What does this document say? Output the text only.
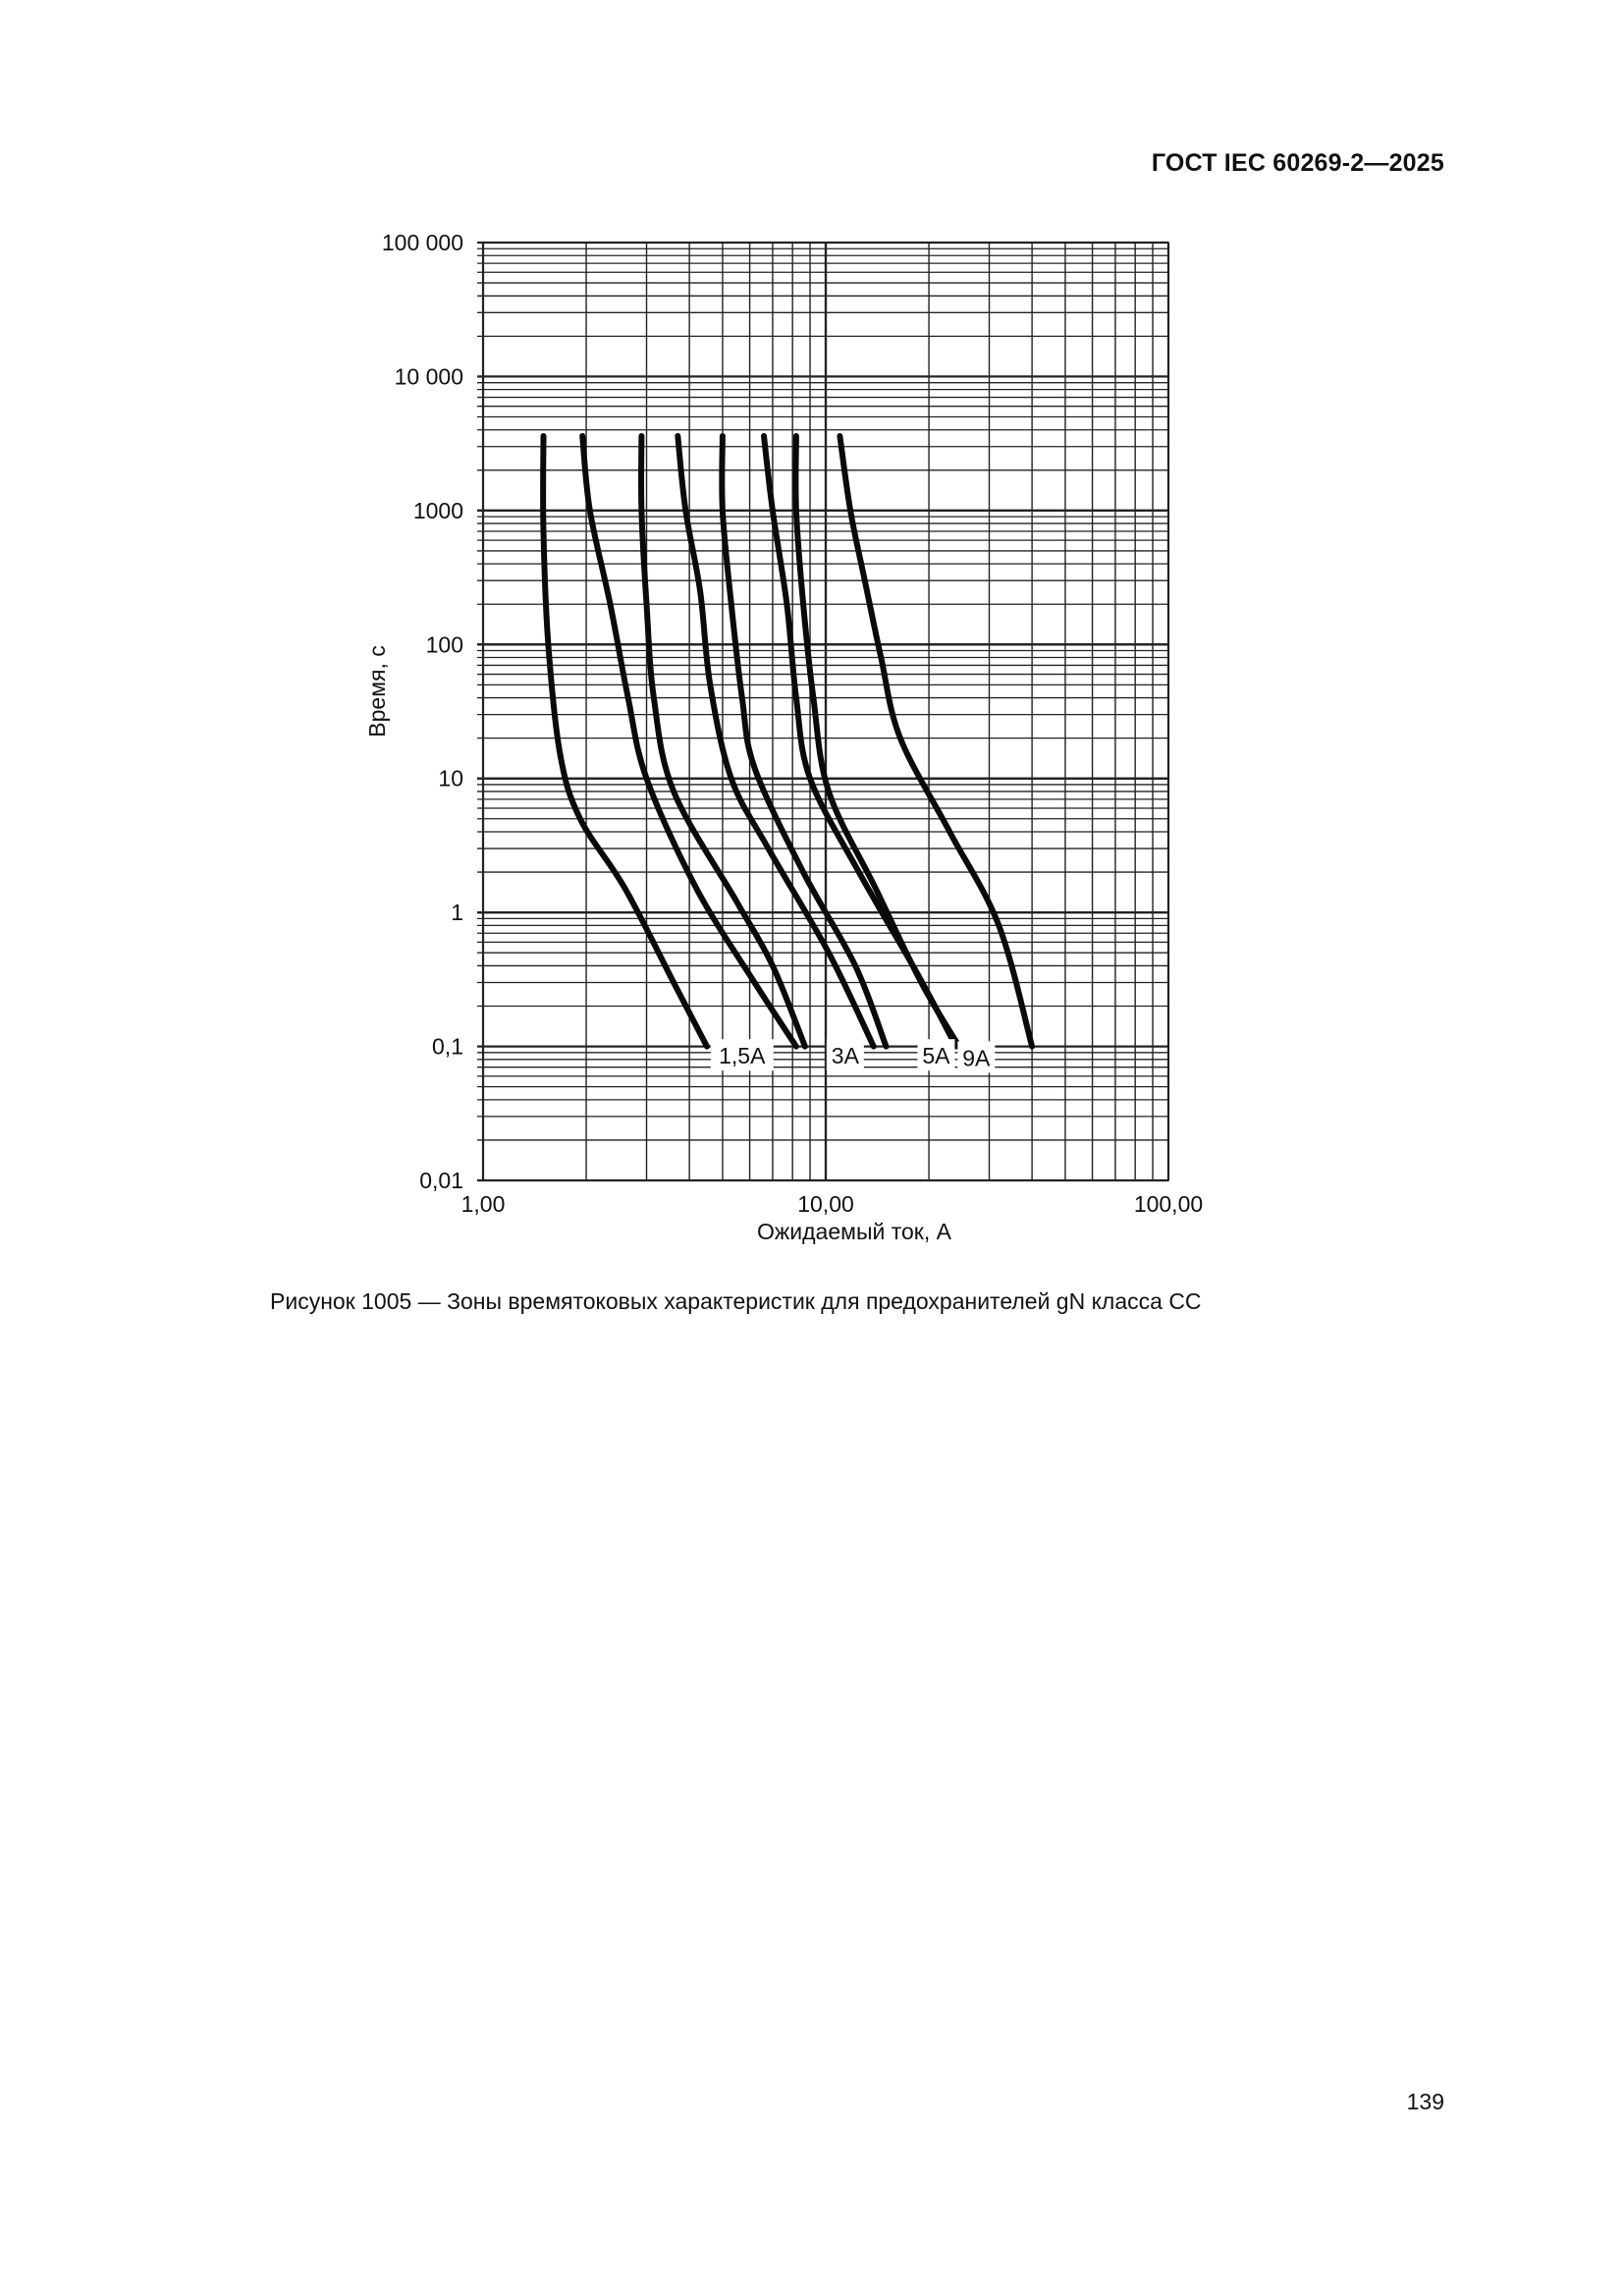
ГОСТ IEC 60269-2—2025
100 000
10 000
1000
100
10
1
0,1
0,01
1,00	10,00	100,00
1,5А	3А	5А 9А
Ожидаемый ток, А
Время, с
Рисунок 1005 — Зоны времятоковых характеристик для предохранителей gN класса CC
139
